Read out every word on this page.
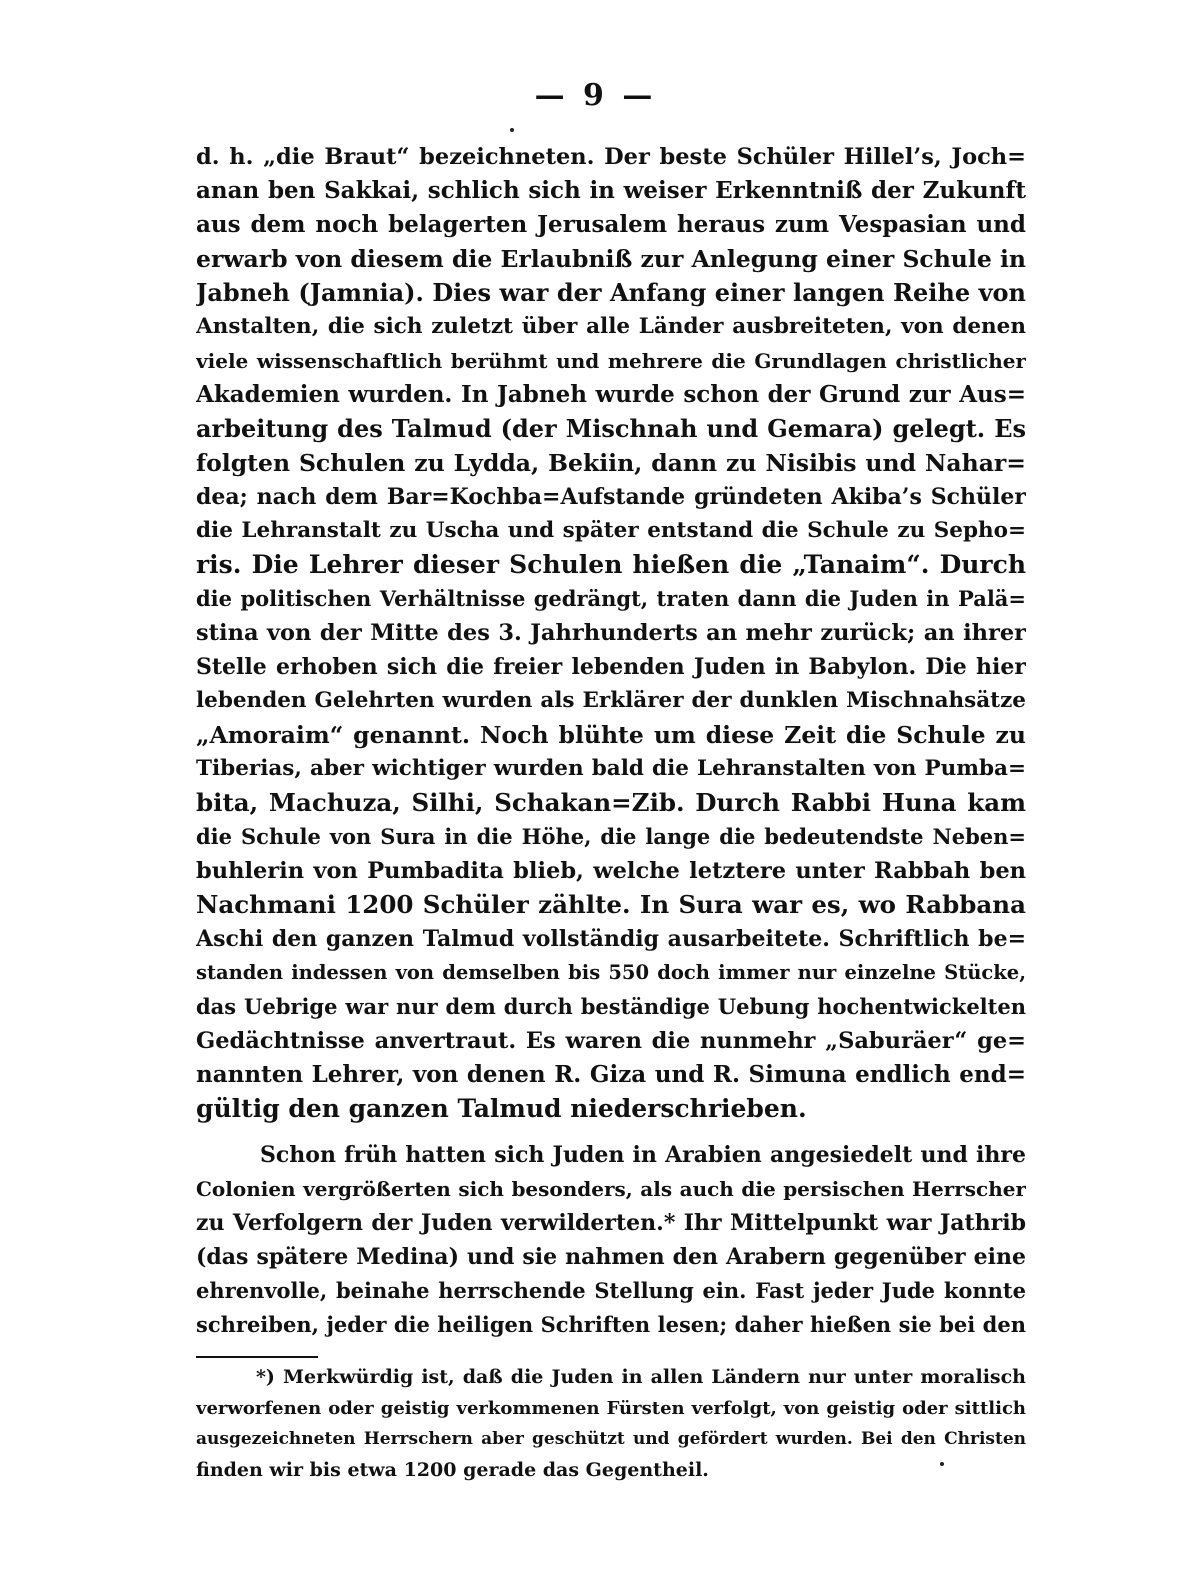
— 9 —
d. h. „die Braut“ bezeichneten. Der beste Schüler Hillel’s, Joch=
anan ben Sakkai, schlich sich in weiser Erkenntniß der Zukunft
aus dem noch belagerten Jerusalem heraus zum Vespasian und
erwarb von diesem die Erlaubniß zur Anlegung einer Schule in
Jabneh (Jamnia). Dies war der Anfang einer langen Reihe von
Anstalten, die sich zuletzt über alle Länder ausbreiteten, von denen
viele wissenschaftlich berühmt und mehrere die Grundlagen christlicher
Akademien wurden. In Jabneh wurde schon der Grund zur Aus=
arbeitung des Talmud (der Mischnah und Gemara) gelegt. Es
folgten Schulen zu Lydda, Bekiin, dann zu Nisibis und Nahar=
dea; nach dem Bar=Kochba=Aufstande gründeten Akiba’s Schüler
die Lehranstalt zu Uscha und später entstand die Schule zu Sepho=
ris. Die Lehrer dieser Schulen hießen die „Tanaim“. Durch
die politischen Verhältnisse gedrängt, traten dann die Juden in Palä=
stina von der Mitte des 3. Jahrhunderts an mehr zurück; an ihrer
Stelle erhoben sich die freier lebenden Juden in Babylon. Die hier
lebenden Gelehrten wurden als Erklärer der dunklen Mischnahsätze
„Amoraim“ genannt. Noch blühte um diese Zeit die Schule zu
Tiberias, aber wichtiger wurden bald die Lehranstalten von Pumba=
bita, Machuza, Silhi, Schakan=Zib. Durch Rabbi Huna kam
die Schule von Sura in die Höhe, die lange die bedeutendste Neben=
buhlerin von Pumbadita blieb, welche letztere unter Rabbah ben
Nachmani 1200 Schüler zählte. In Sura war es, wo Rabbana
Aschi den ganzen Talmud vollständig ausarbeitete. Schriftlich be=
standen indessen von demselben bis 550 doch immer nur einzelne Stücke,
das Uebrige war nur dem durch beständige Uebung hochentwickelten
Gedächtnisse anvertraut. Es waren die nunmehr „Saburäer“ ge=
nannten Lehrer, von denen R. Giza und R. Simuna endlich end=
gültig den ganzen Talmud niederschrieben.
Schon früh hatten sich Juden in Arabien angesiedelt und ihre
Colonien vergrößerten sich besonders, als auch die persischen Herrscher
zu Verfolgern der Juden verwilderten.* Ihr Mittelpunkt war Jathrib
(das spätere Medina) und sie nahmen den Arabern gegenüber eine
ehrenvolle, beinahe herrschende Stellung ein. Fast jeder Jude konnte
schreiben, jeder die heiligen Schriften lesen; daher hießen sie bei den
*) Merkwürdig ist, daß die Juden in allen Ländern nur unter moralisch
verworfenen oder geistig verkommenen Fürsten verfolgt, von geistig oder sittlich
ausgezeichneten Herrschern aber geschützt und gefördert wurden. Bei den Christen
finden wir bis etwa 1200 gerade das Gegentheil.
